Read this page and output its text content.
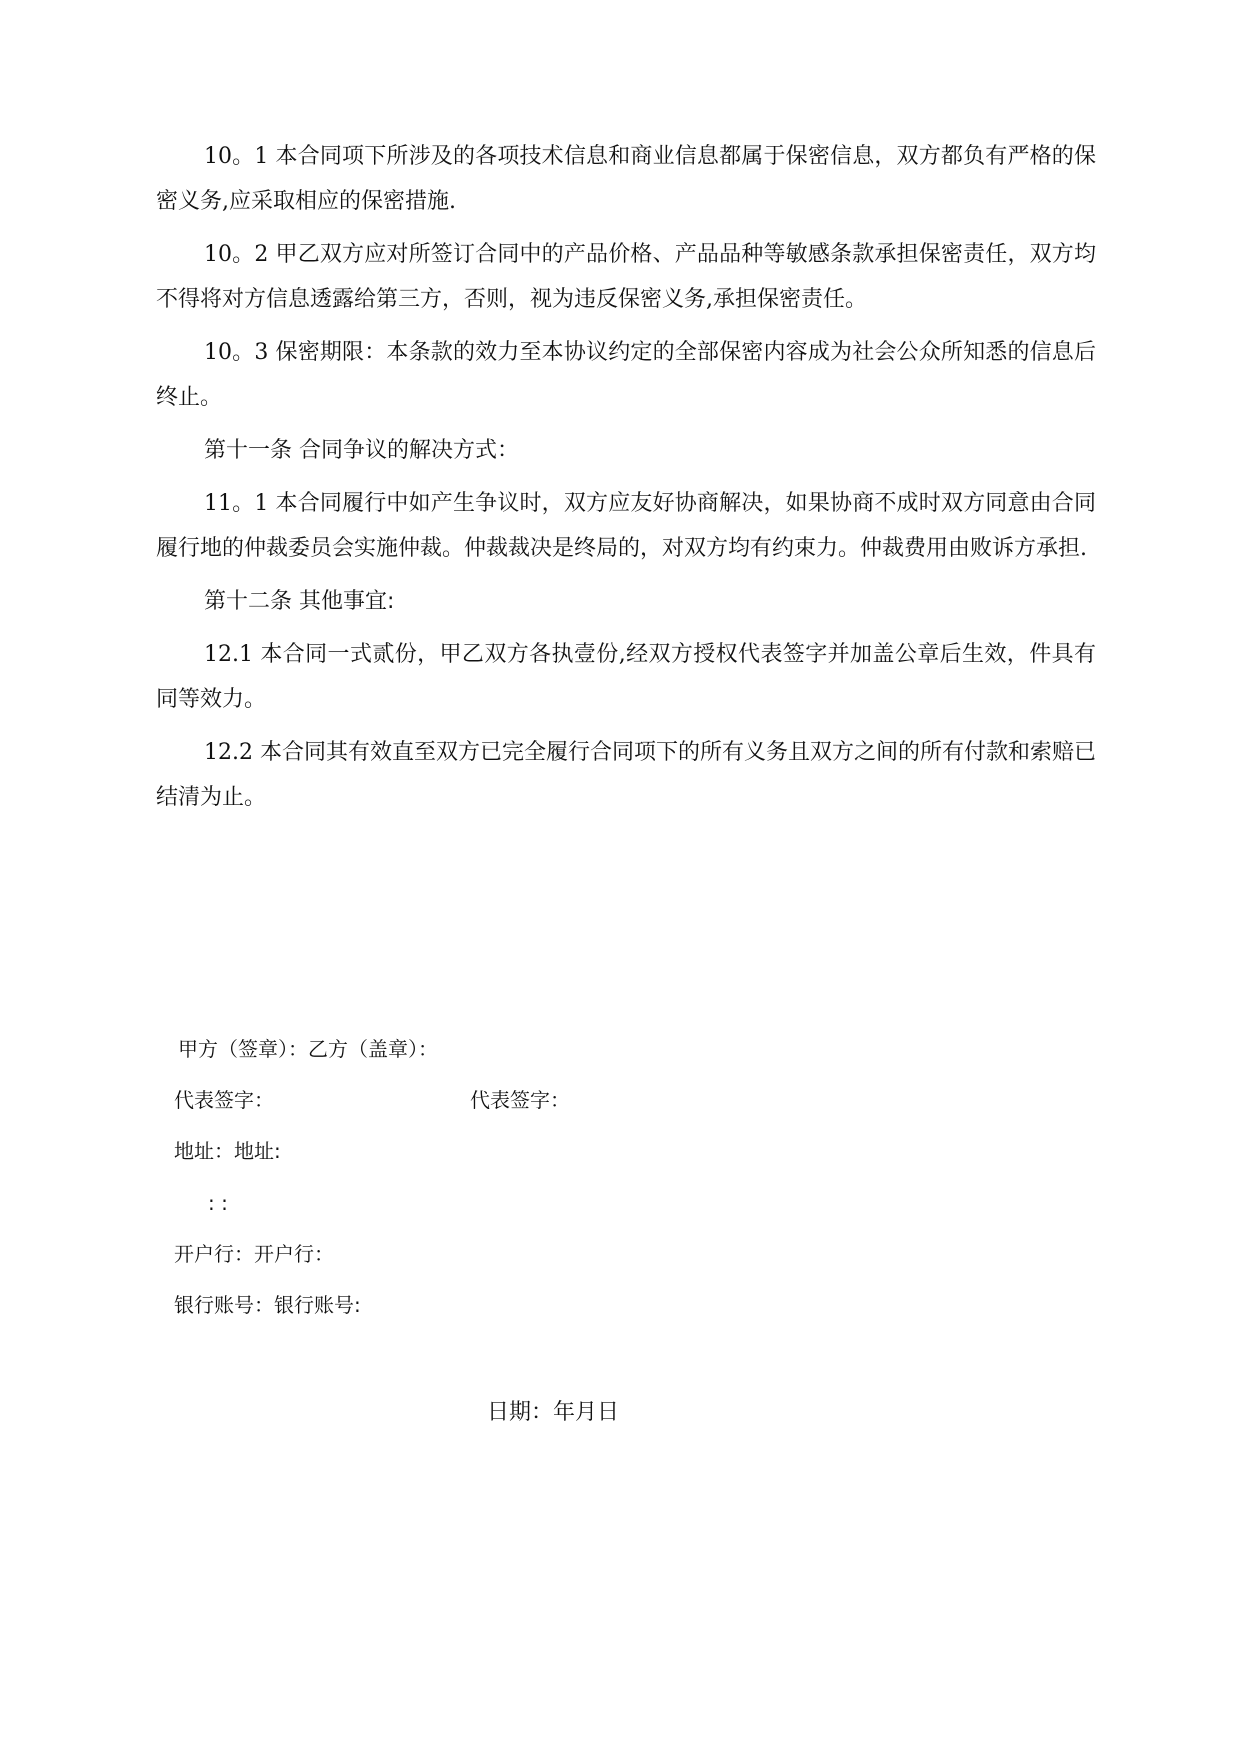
10。1 本合同项下所涉及的各项技术信息和商业信息都属于保密信息，双方都负有严格的保密义务,应采取相应的保密措施.

10。2 甲乙双方应对所签订合同中的产品价格、产品品种等敏感条款承担保密责任，双方均不得将对方信息透露给第三方，否则，视为违反保密义务,承担保密责任。

10。3 保密期限：本条款的效力至本协议约定的全部保密内容成为社会公众所知悉的信息后终止。

第十一条 合同争议的解决方式：

11。1 本合同履行中如产生争议时，双方应友好协商解决，如果协商不成时双方同意由合同履行地的仲裁委员会实施仲裁。仲裁裁决是终局的，对双方均有约束力。仲裁费用由败诉方承担.

第十二条 其他事宜:

12.1 本合同一式贰份，甲乙双方各执壹份,经双方授权代表签字并加盖公章后生效，件具有同等效力。

12.2 本合同其有效直至双方已完全履行合同项下的所有义务且双方之间的所有付款和索赔已结清为止。

甲方（签章）：乙方（盖章）：
代表签字：	代表签字：
地址：地址:
: :
开户行：开户行：
银行账号：银行账号:
日期：年月日
